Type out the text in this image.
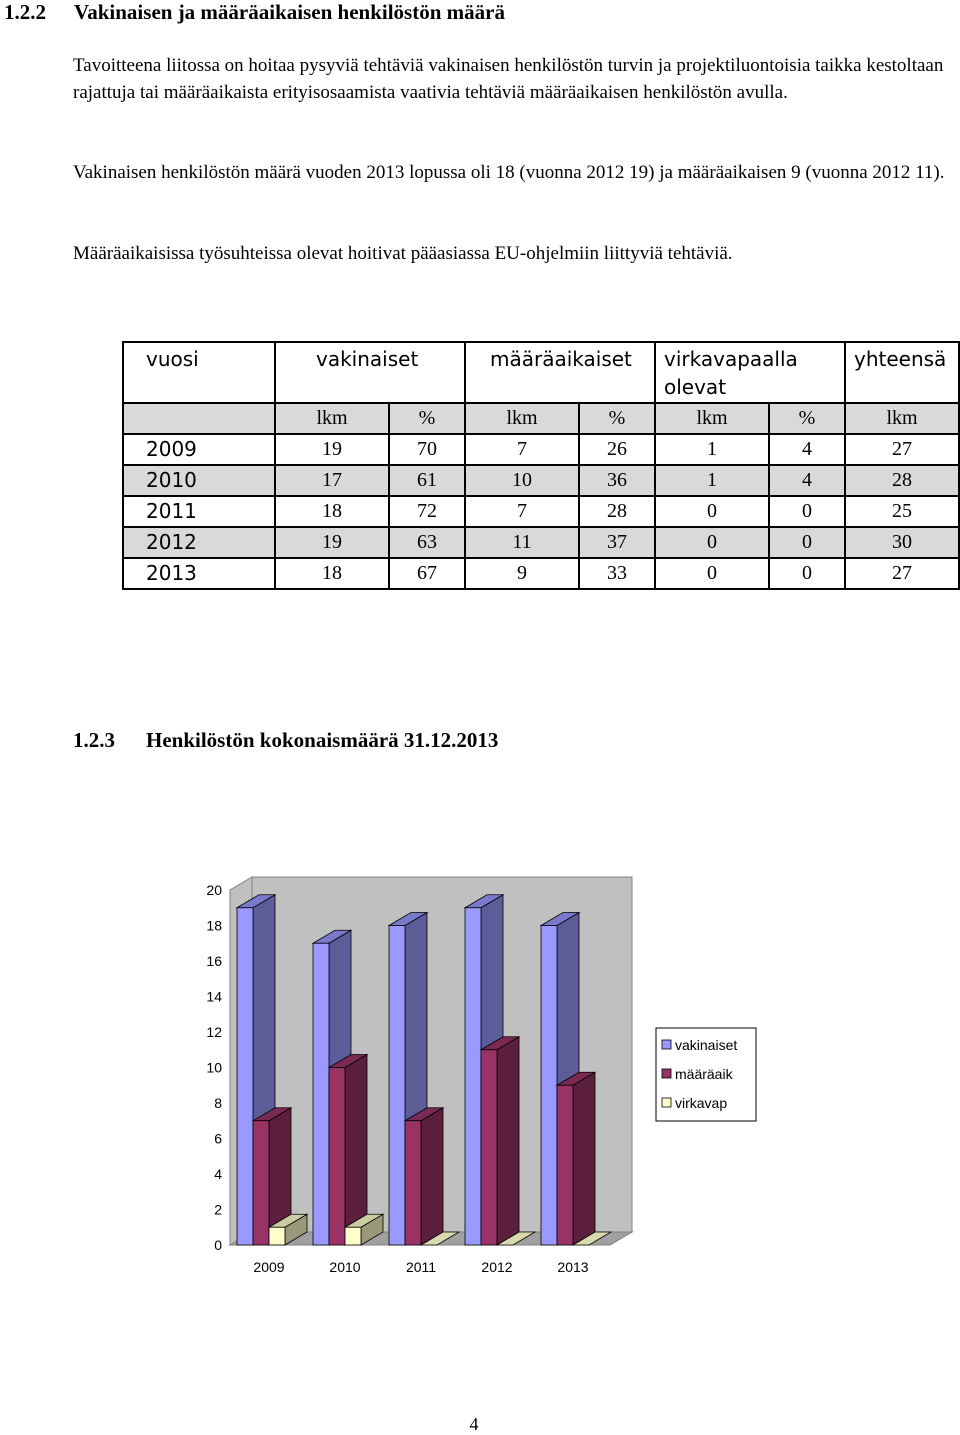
1.2.2 Vakinaisen ja määräaikaisen henkilöstön määrä

Tavoitteena liitossa on hoitaa pysyviä tehtäviä vakinaisen henkilöstön turvin ja projektiluontoisia taikka kestoltaan rajattuja tai määräaikaista erityisosaamista vaativia tehtäviä määräaikaisen henkilöstön avulla.

Vakinaisen henkilöstön määrä vuoden 2013 lopussa oli 18 (vuonna 2012 19) ja määräaikaisen 9 (vuonna 2012 11).

Määräaikaisissa työsuhteissa olevat hoitivat pääasiassa EU-ohjelmiin liittyviä tehtäviä.

vuosi	vakinaiset		määräaikaiset		virkavapaalla olevat		yhteensä
	lkm	%	lkm	%	lkm	%	lkm
2009	19	70	7	26	1	4	27
2010	17	61	10	36	1	4	28
2011	18	72	7	28	0	0	25
2012	19	63	11	37	0	0	30
2013	18	67	9	33	0	0	27
1.2.3 Henkilöstön kokonaismäärä 31.12.2013
0
2
4
6
8
10
12
14
16
18
20
2009	2010	2011	2012	2013
vakinaiset
määräaik
virkavap
4
